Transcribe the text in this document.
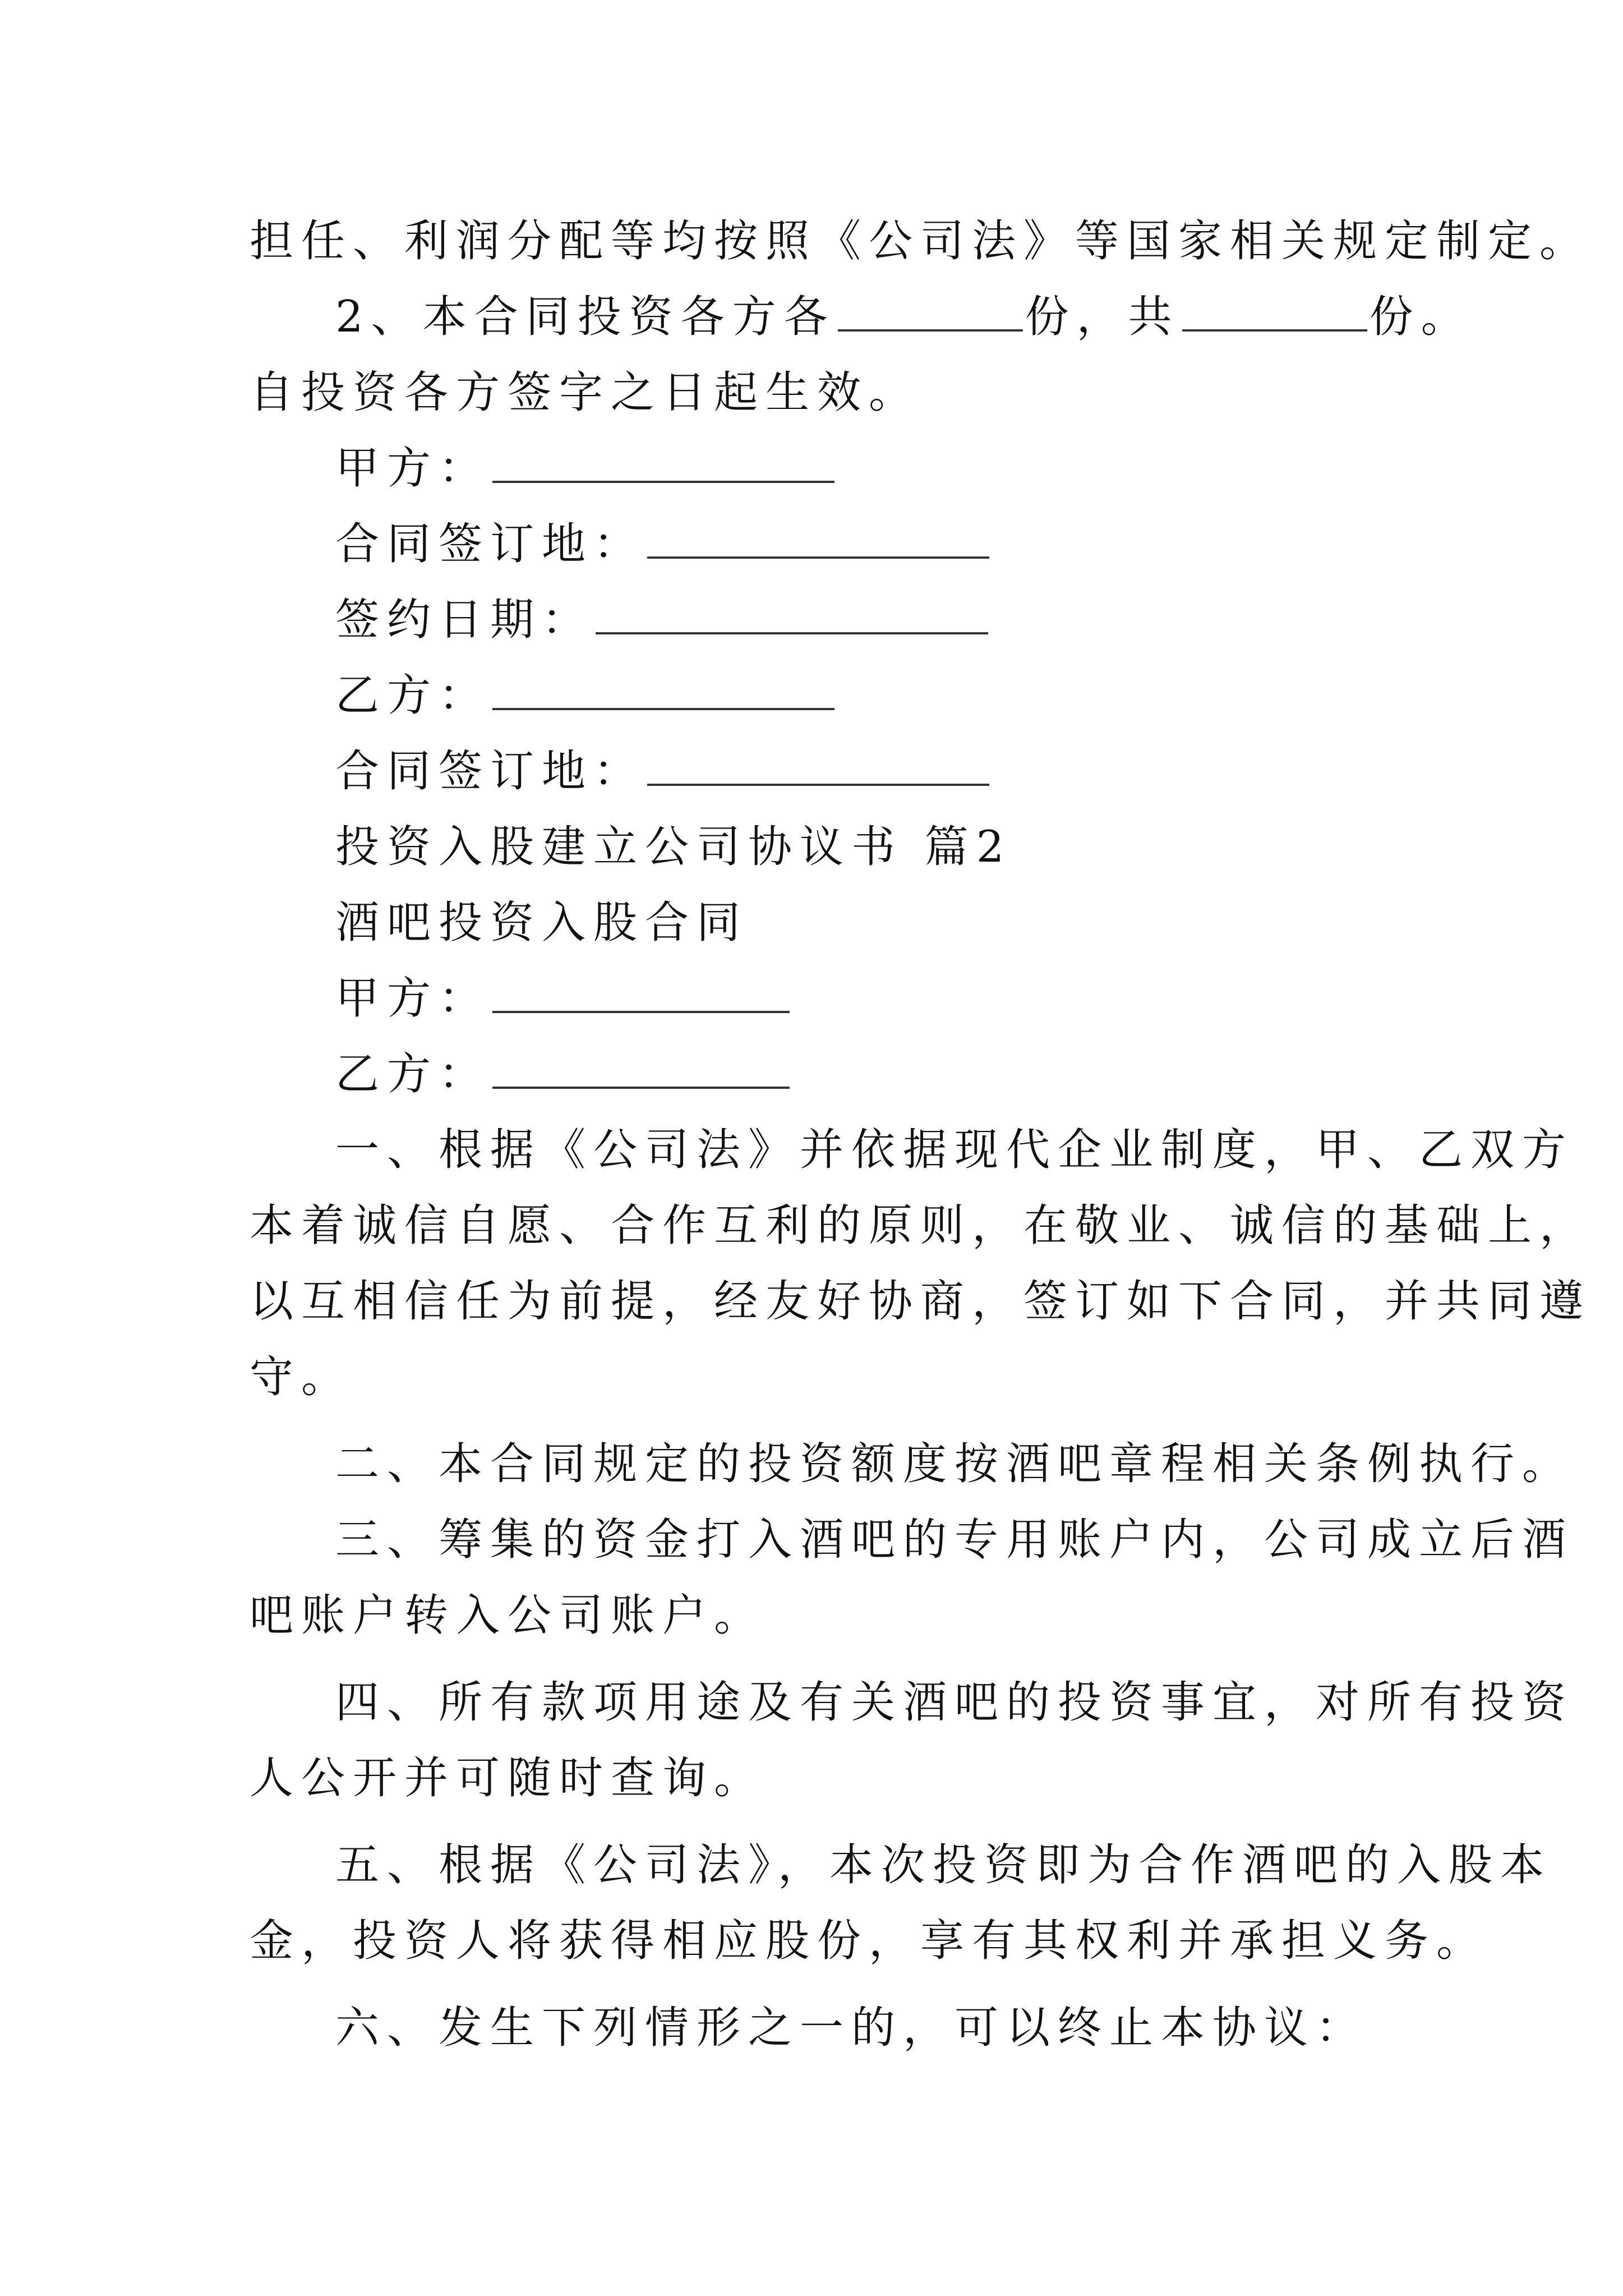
担任、利润分配等均按照《公司法》等国家相关规定制定。
2、本合同投资各方各	份，共	份。
自投资各方签字之日起生效。
甲方：
合同签订地：
签约日期：
乙方：
合同签订地：
投资入股建立公司协议书 篇2
酒吧投资入股合同
甲方：
乙方：
一、根据《公司法》并依据现代企业制度，甲、乙双方
本着诚信自愿、合作互利的原则，在敬业、诚信的基础上，
以互相信任为前提，经友好协商，签订如下合同，并共同遵
守。
二、本合同规定的投资额度按酒吧章程相关条例执行。
三、筹集的资金打入酒吧的专用账户内，公司成立后酒
吧账户转入公司账户。
四、所有款项用途及有关酒吧的投资事宜，对所有投资
人公开并可随时查询。
五、根据《公司法》，本次投资即为合作酒吧的入股本
金，投资人将获得相应股份，享有其权利并承担义务。
六、发生下列情形之一的，可以终止本协议：
